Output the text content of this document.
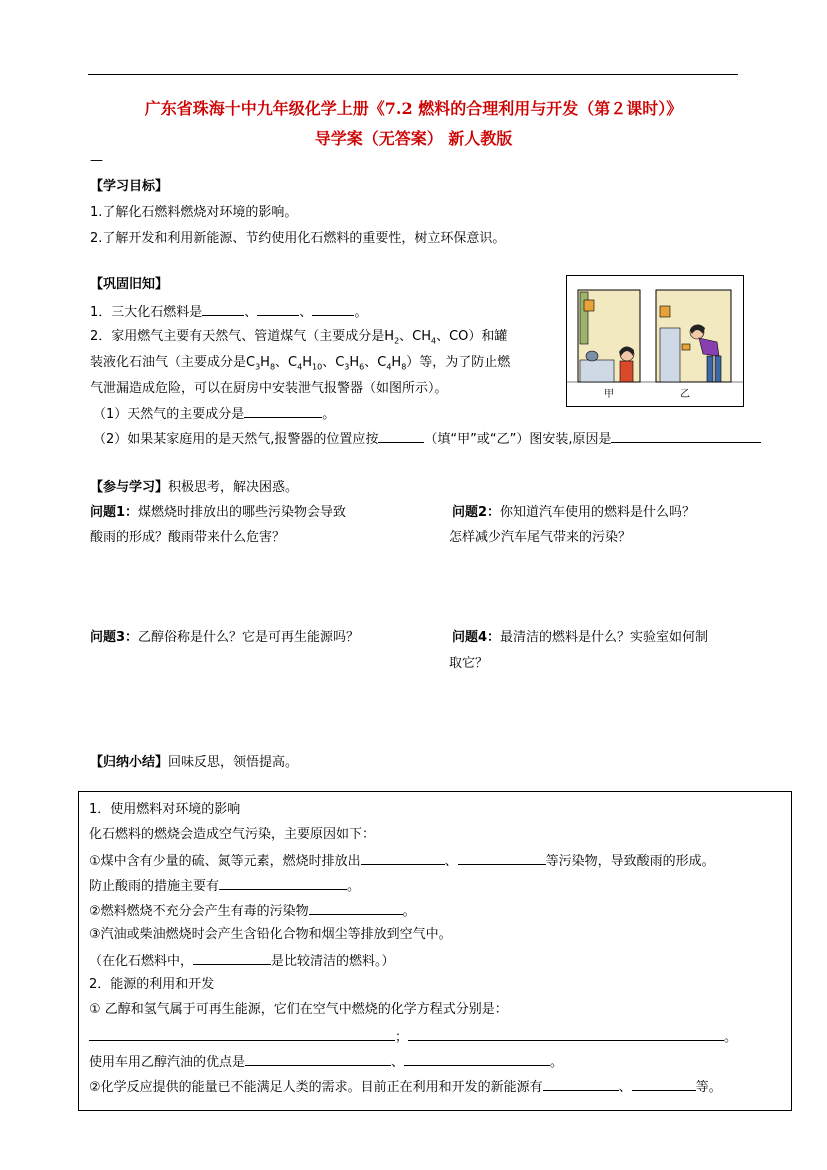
广东省珠海十中九年级化学上册《7.2 燃料的合理利用与开发（第２课时）》
导学案（无答案） 新人教版
—
【学习目标】
1.了解化石燃料燃烧对环境的影响。
2.了解开发和利用新能源、节约使用化石燃料的重要性，树立环保意识。
【巩固旧知】
1．三大化石燃料是	、	、	。
2．家用燃气主要有天然气、管道煤气（主要成分是$H_2$、$CH_4$、CO）和罐
装液化石油气（主要成分是$C_3H_8$、$C_4H_{10}$、$C_3H_6$、$C_4H_8$）等，为了防止燃
气泄漏造成危险，可以在厨房中安装泄气报警器（如图所示）。
（1）天然气的主要成分是	。
（2）如果某家庭用的是天然气,报警器的位置应按	（填“甲”或“乙”）图安装,原因是
甲	乙
【参与学习】积极思考，解决困惑。
问题1：煤燃烧时排放出的哪些污染物会导致
酸雨的形成？酸雨带来什么危害？
问题2：你知道汽车使用的燃料是什么吗？
怎样减少汽车尾气带来的污染？
问题3：乙醇俗称是什么？它是可再生能源吗？	问题4：最清洁的燃料是什么？实验室如何制
取它？
【归纳小结】回味反思，领悟提高。
1．使用燃料对环境的影响
化石燃料的燃烧会造成空气污染，主要原因如下：
①煤中含有少量的硫、氮等元素，燃烧时排放出	、	等污染物，导致酸雨的形成。
防止酸雨的措施主要有	。
②燃料燃烧不充分会产生有毒的污染物	。
③汽油或柴油燃烧时会产生含铅化合物和烟尘等排放到空气中。
（在化石燃料中，	是比较清洁的燃料。）
2．能源的利用和开发
① 乙醇和氢气属于可再生能源，它们在空气中燃烧的化学方程式分别是：
；	。
使用车用乙醇汽油的优点是	、	。
②化学反应提供的能量已不能满足人类的需求。目前正在利用和开发的新能源有	、	等。
